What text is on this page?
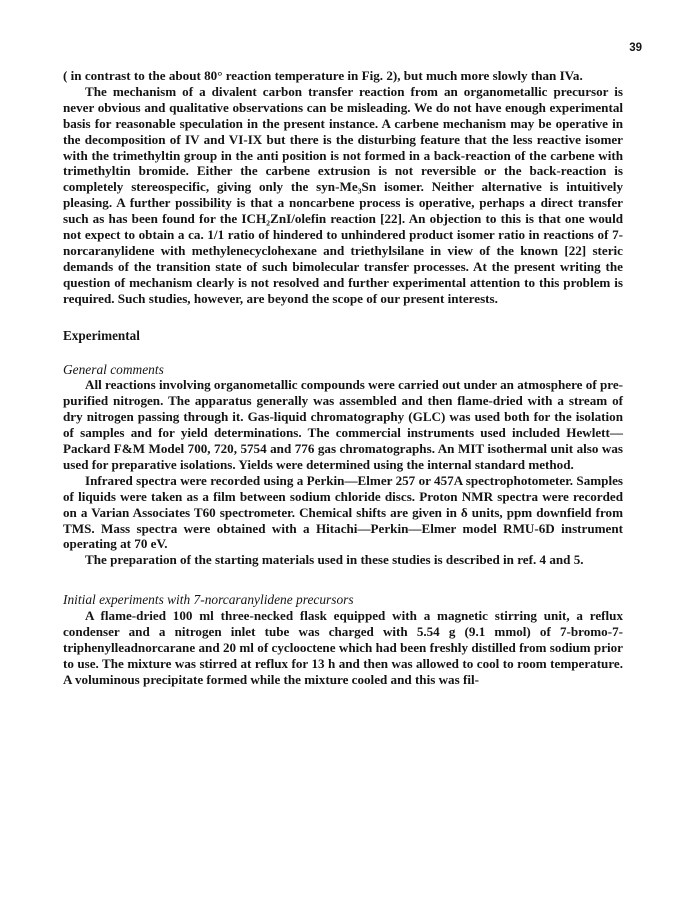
39

( in contrast to the about 80° reaction temperature in Fig. 2), but much more slowly than IVa.

The mechanism of a divalent carbon transfer reaction from an organometallic precursor is never obvious and qualitative observations can be misleading. We do not have enough experimental basis for reasonable speculation in the present instance. A carbene mechanism may be operative in the decomposition of IV and VI-IX but there is the disturbing feature that the less reactive isomer with the trimethyltin group in the anti position is not formed in a back-reaction of the carbene with trimethyltin bromide. Either the carbene extrusion is not reversible or the back-reaction is completely stereospecific, giving only the syn-Me₃Sn isomer. Neither alternative is intuitively pleasing. A further possibility is that a noncarbene process is operative, perhaps a direct transfer such as has been found for the ICH₂ZnI/olefin reaction [22]. An objection to this is that one would not expect to obtain a ca. 1/1 ratio of hindered to unhindered product isomer ratio in reactions of 7-norcaranylidene with methylenecyclohexane and triethylsilane in view of the known [22] steric demands of the transition state of such bimolecular transfer processes. At the present writing the question of mechanism clearly is not resolved and further experimental attention to this problem is required. Such studies, however, are beyond the scope of our present interests.

Experimental
General comments

All reactions involving organometallic compounds were carried out under an atmosphere of pre-purified nitrogen. The apparatus generally was assembled and then flame-dried with a stream of dry nitrogen passing through it. Gas-liquid chromatography (GLC) was used both for the isolation of samples and for yield determinations. The commercial instruments used included Hewlett—Packard F&M Model 700, 720, 5754 and 776 gas chromatographs. An MIT isothermal unit also was used for preparative isolations. Yields were determined using the internal standard method.

Infrared spectra were recorded using a Perkin—Elmer 257 or 457A spectrophotometer. Samples of liquids were taken as a film between sodium chloride discs. Proton NMR spectra were recorded on a Varian Associates T60 spectrometer. Chemical shifts are given in δ units, ppm downfield from TMS. Mass spectra were obtained with a Hitachi—Perkin—Elmer model RMU-6D instrument operating at 70 eV.

The preparation of the starting materials used in these studies is described in ref. 4 and 5.

Initial experiments with 7-norcaranylidene precursors

A flame-dried 100 ml three-necked flask equipped with a magnetic stirring unit, a reflux condenser and a nitrogen inlet tube was charged with 5.54 g (9.1 mmol) of 7-bromo-7-triphenylleadnorcarane and 20 ml of cyclooctene which had been freshly distilled from sodium prior to use. The mixture was stirred at reflux for 13 h and then was allowed to cool to room temperature. A voluminous precipitate formed while the mixture cooled and this was fil-
